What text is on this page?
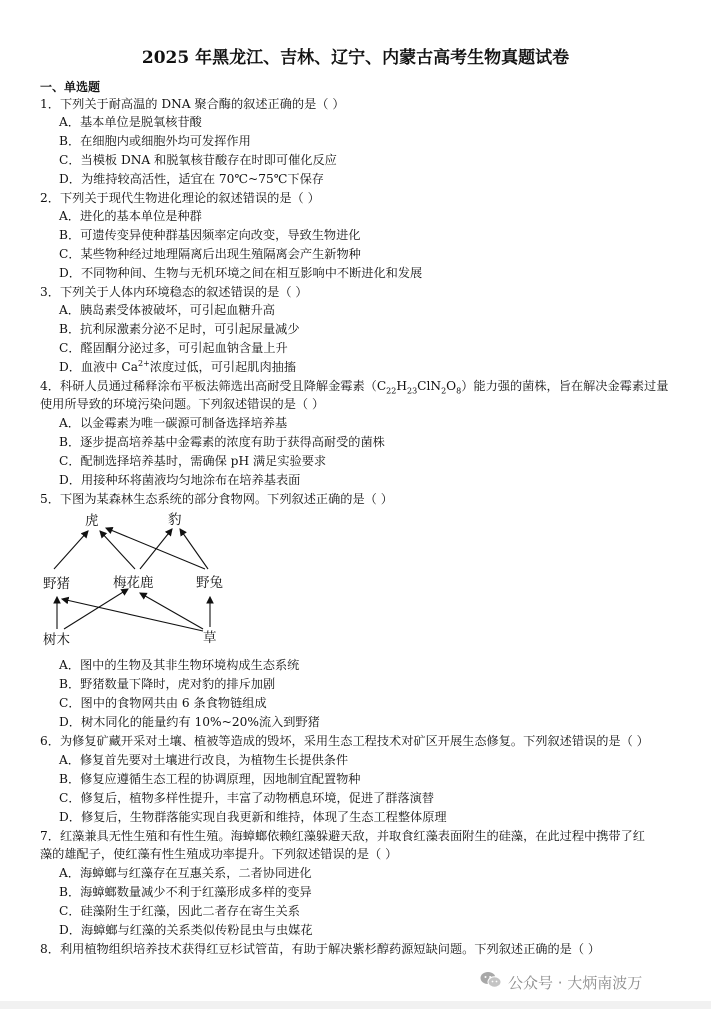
2025 年黑龙江、吉林、辽宁、内蒙古高考生物真题试卷
一、单选题
1．下列关于耐高温的 DNA 聚合酶的叙述正确的是（ ）
A．基本单位是脱氧核苷酸
B．在细胞内或细胞外均可发挥作用
C．当模板 DNA 和脱氧核苷酸存在时即可催化反应
D．为维持较高活性，适宜在 70℃~75℃下保存
2．下列关于现代生物进化理论的叙述错误的是（ ）
A．进化的基本单位是种群
B．可遗传变异使种群基因频率定向改变，导致生物进化
C．某些物种经过地理隔离后出现生殖隔离会产生新物种
D．不同物种间、生物与无机环境之间在相互影响中不断进化和发展
3．下列关于人体内环境稳态的叙述错误的是（ ）
A．胰岛素受体被破坏，可引起血糖升高
B．抗利尿激素分泌不足时，可引起尿量减少
C．醛固酮分泌过多，可引起血钠含量上升
D．血液中 $Ca^{2+}$浓度过低，可引起肌肉抽搐
4．科研人员通过稀释涂布平板法筛选出高耐受且降解金霉素$(C_{22}H_{23}ClN_2O_8)$能力强的菌株，旨在解决金霉素过量
使用所导致的环境污染问题。下列叙述错误的是（ ）
A．以金霉素为唯一碳源可制备选择培养基
B．逐步提高培养基中金霉素的浓度有助于获得高耐受的菌株
C．配制选择培养基时，需确保 pH 满足实验要求
D．用接种环将菌液均匀地涂布在培养基表面
5．下图为某森林生态系统的部分食物网。下列叙述正确的是（ ）
虎	豹
野猪	梅花鹿	野兔
树木	草
A．图中的生物及其非生物环境构成生态系统
B．野猪数量下降时，虎对豹的排斥加剧
C．图中的食物网共由 6 条食物链组成
D．树木同化的能量约有 10%~20%流入到野猪
6．为修复矿藏开采对土壤、植被等造成的毁坏，采用生态工程技术对矿区开展生态修复。下列叙述错误的是（ ）
A．修复首先要对土壤进行改良，为植物生长提供条件
B．修复应遵循生态工程的协调原理，因地制宜配置物种
C．修复后，植物多样性提升，丰富了动物栖息环境，促进了群落演替
D．修复后，生物群落能实现自我更新和维持，体现了生态工程整体原理
7．红藻兼具无性生殖和有性生殖。海蟑螂依赖红藻躲避天敌，并取食红藻表面附生的硅藻，在此过程中携带了红
藻的雄配子，使红藻有性生殖成功率提升。下列叙述错误的是（ ）
A．海蟑螂与红藻存在互惠关系，二者协同进化
B．海蟑螂数量减少不利于红藻形成多样的变异
C．硅藻附生于红藻，因此二者存在寄生关系
D．海蟑螂与红藻的关系类似传粉昆虫与虫媒花
8．利用植物组织培养技术获得红豆杉试管苗，有助于解决紫杉醇药源短缺问题。下列叙述正确的是（ ）
公众号 · 大炳南波万
